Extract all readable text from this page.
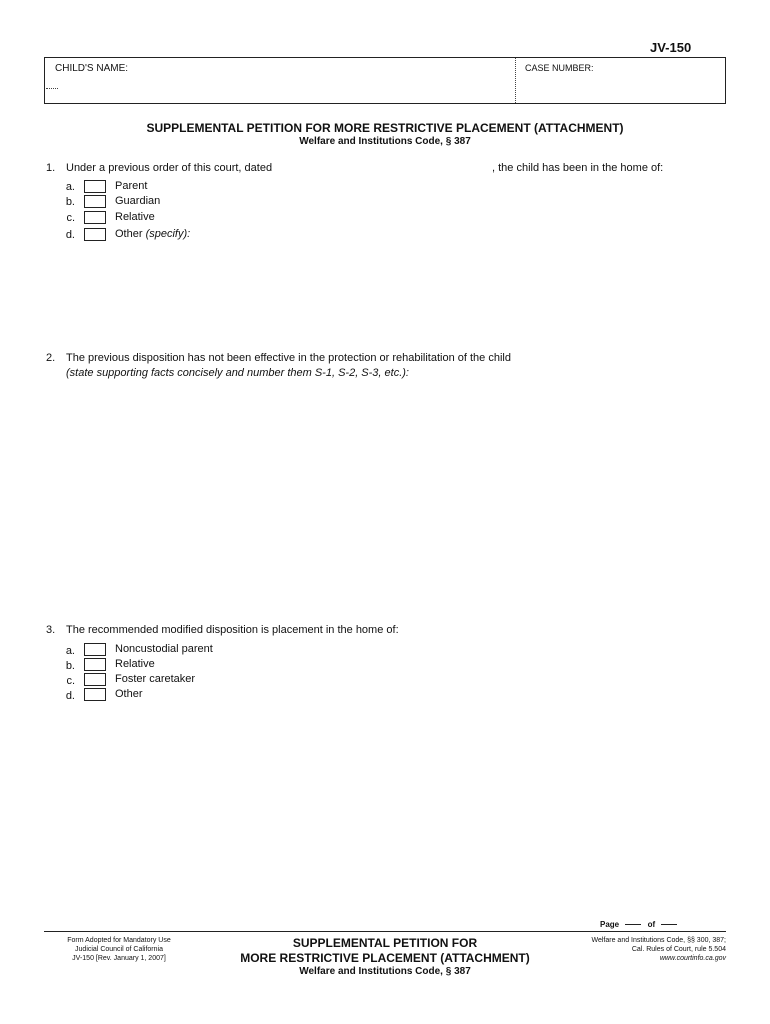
JV-150
CHILD'S NAME:	CASE NUMBER:
SUPPLEMENTAL PETITION FOR MORE RESTRICTIVE PLACEMENT (ATTACHMENT)
Welfare and Institutions Code, § 387
1. Under a previous order of this court, dated	, the child has been in the home of:
a.	Parent
b.	Guardian
c.	Relative
d.	Other (specify):
2. The previous disposition has not been effective in the protection or rehabilitation of the child
(state supporting facts concisely and number them S-1, S-2, S-3, etc.):
3. The recommended modified disposition is placement in the home of:
a.	Noncustodial parent
b.	Relative
c.	Foster caretaker
d.	Other
Page	of
Form Adopted for Mandatory Use
Judicial Council of California
JV-150 [Rev. January 1, 2007]
SUPPLEMENTAL PETITION FOR
MORE RESTRICTIVE PLACEMENT (ATTACHMENT)
Welfare and Institutions Code, § 387
Welfare and Institutions Code, §§ 300, 387;
Cal. Rules of Court, rule 5.504
www.courtinfo.ca.gov
